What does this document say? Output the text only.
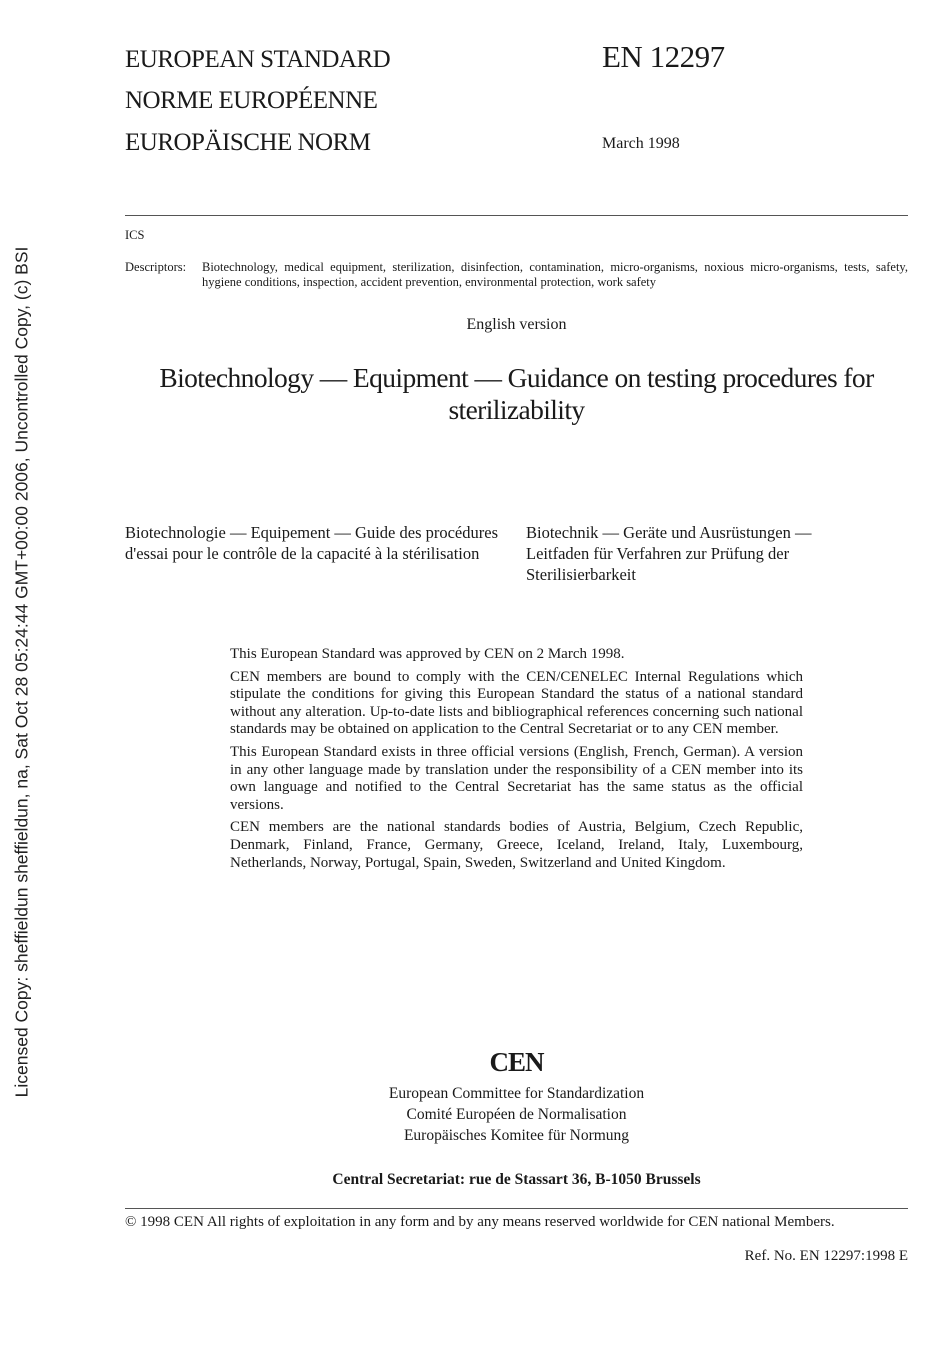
Licensed Copy: sheffieldun sheffieldun, na, Sat Oct 28 05:24:44 GMT+00:00 2006, Uncontrolled Copy, (c) BSI
EUROPEAN STANDARD
NORME EUROPÉENNE
EUROPÄISCHE NORM
EN 12297
March 1998
ICS
Descriptors: Biotechnology, medical equipment, sterilization, disinfection, contamination, micro-organisms, noxious micro-organisms, tests, safety, hygiene conditions, inspection, accident prevention, environmental protection, work safety
English version
Biotechnology — Equipment — Guidance on testing procedures for sterilizability
Biotechnologie — Equipement — Guide des procédures d'essai pour le contrôle de la capacité à la stérilisation
Biotechnik — Geräte und Ausrüstungen — Leitfaden für Verfahren zur Prüfung der Sterilisierbarkeit

This European Standard was approved by CEN on 2 March 1998.

CEN members are bound to comply with the CEN/CENELEC Internal Regulations which stipulate the conditions for giving this European Standard the status of a national standard without any alteration. Up-to-date lists and bibliographical references concerning such national standards may be obtained on application to the Central Secretariat or to any CEN member.

This European Standard exists in three official versions (English, French, German). A version in any other language made by translation under the responsibility of a CEN member into its own language and notified to the Central Secretariat has the same status as the official versions.

CEN members are the national standards bodies of Austria, Belgium, Czech Republic, Denmark, Finland, France, Germany, Greece, Iceland, Ireland, Italy, Luxembourg, Netherlands, Norway, Portugal, Spain, Sweden, Switzerland and United Kingdom.

CEN
European Committee for Standardization
Comité Européen de Normalisation
Europäisches Komitee für Normung
Central Secretariat: rue de Stassart 36, B-1050 Brussels
© 1998 CEN All rights of exploitation in any form and by any means reserved worldwide for CEN national Members.
Ref. No. EN 12297:1998 E
